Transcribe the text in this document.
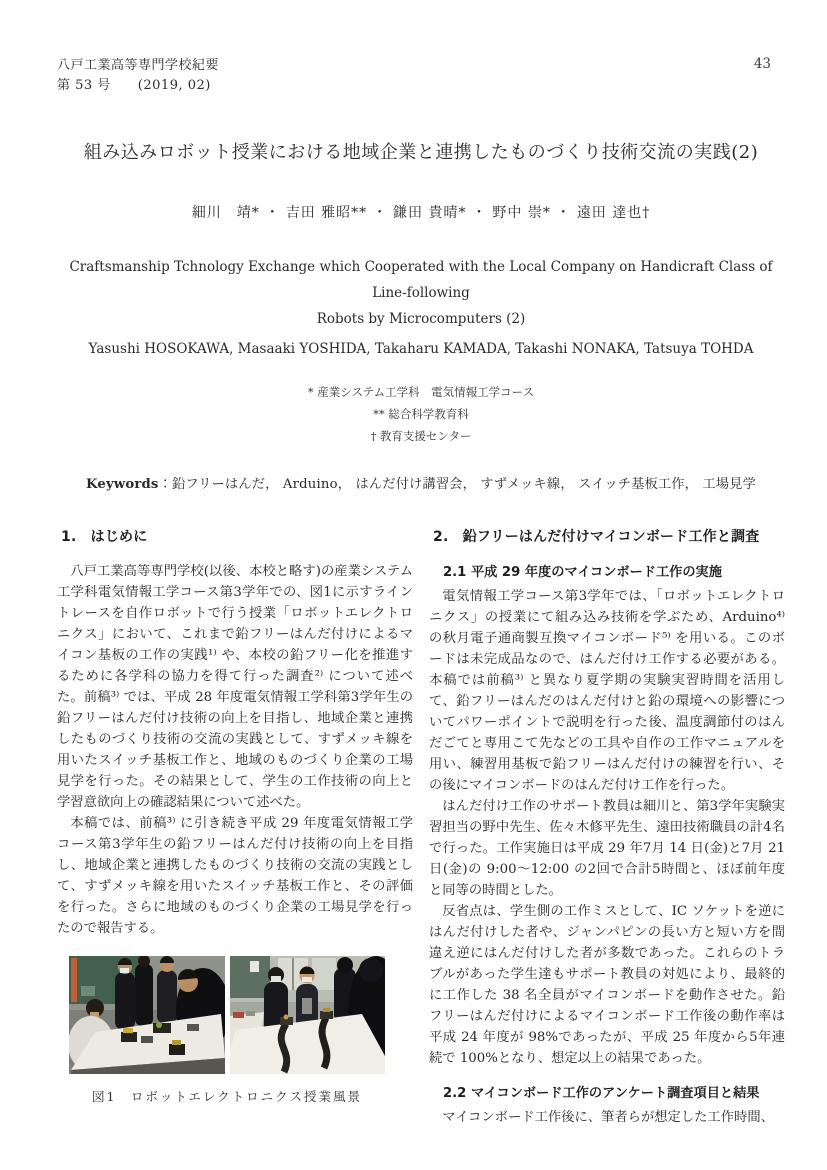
八戸工業高等専門学校紀要
第 53 号　　(2019, 02)
43
組み込みロボット授業における地域企業と連携したものづくり技術交流の実践(2)
細川　靖* ・ 吉田 雅昭** ・ 鎌田 貴晴* ・ 野中 崇* ・ 遠田 達也†
Craftsmanship Tchnology Exchange which Cooperated with the Local Company on Handicraft Class of Line-following
Robots by Microcomputers (2)
Yasushi HOSOKAWA, Masaaki YOSHIDA, Takaharu KAMADA, Takashi NONAKA, Tatsuya TOHDA
* 産業システム工学科　電気情報工学コース
** 総合科学教育科
† 教育支援センター
Keywords：鉛フリーはんだ， Arduino， はんだ付け講習会， すずメッキ線， スイッチ基板工作， 工場見学
1.　はじめに

八戸工業高等専門学校(以後、本校と略す)の産業システム工学科電気情報工学コース第3学年での、図1に示すライントレースを自作ロボットで行う授業「ロボットエレクトロニクス」において、これまで鉛フリーはんだ付けによるマイコン基板の工作の実践¹⁾ や、本校の鉛フリー化を推進するために各学科の協力を得て行った調査²⁾ について述べた。前稿³⁾ では、平成 28 年度電気情報工学科第3学年生の鉛フリーはんだ付け技術の向上を目指し、地域企業と連携したものづくり技術の交流の実践として、すずメッキ線を用いたスイッチ基板工作と、地域のものづくり企業の工場見学を行った。その結果として、学生の工作技術の向上と学習意欲向上の確認結果について述べた。

本稿では、前稿³⁾ に引き続き平成 29 年度電気情報工学コース第3学年生の鉛フリーはんだ付け技術の向上を目指し、地域企業と連携したものづくり技術の交流の実践として、すずメッキ線を用いたスイッチ基板工作と、その評価を行った。さらに地域のものづくり企業の工場見学を行ったので報告する。

図1　ロボットエレクトロニクス授業風景
2.　鉛フリーはんだ付けマイコンボード工作と調査
2.1 平成 29 年度のマイコンボード工作の実施

電気情報工学コース第3学年では、「ロボットエレクトロニクス」の授業にて組み込み技術を学ぶため、Arduino⁴⁾ の秋月電子通商製互換マイコンボード⁵⁾ を用いる。このボードは未完成品なので、はんだ付け工作する必要がある。本稿では前稿³⁾ と異なり夏学期の実験実習時間を活用して、鉛フリーはんだのはんだ付けと鉛の環境への影響についてパワーポイントで説明を行った後、温度調節付のはんだごてと専用こて先などの工具や自作の工作マニュアルを用い、練習用基板で鉛フリーはんだ付けの練習を行い、その後にマイコンボードのはんだ付け工作を行った。

はんだ付け工作のサポート教員は細川と、第3学年実験実習担当の野中先生、佐々木修平先生、遠田技術職員の計4名で行った。工作実施日は平成 29 年7月 14 日(金)と7月 21 日(金)の 9:00～12:00 の2回で合計5時間と、ほぼ前年度と同等の時間とした。

反省点は、学生側の工作ミスとして、IC ソケットを逆にはんだ付けした者や、ジャンパピンの長い方と短い方を間違え逆にはんだ付けした者が多数であった。これらのトラブルがあった学生達もサポート教員の対処により、最終的に工作した 38 名全員がマイコンボードを動作させた。鉛フリーはんだ付けによるマイコンボード工作後の動作率は平成 24 年度が 98%であったが、平成 25 年度から5年連続で 100%となり、想定以上の結果であった。

2.2 マイコンボード工作のアンケート調査項目と結果

マイコンボード工作後に、筆者らが想定した工作時間、
